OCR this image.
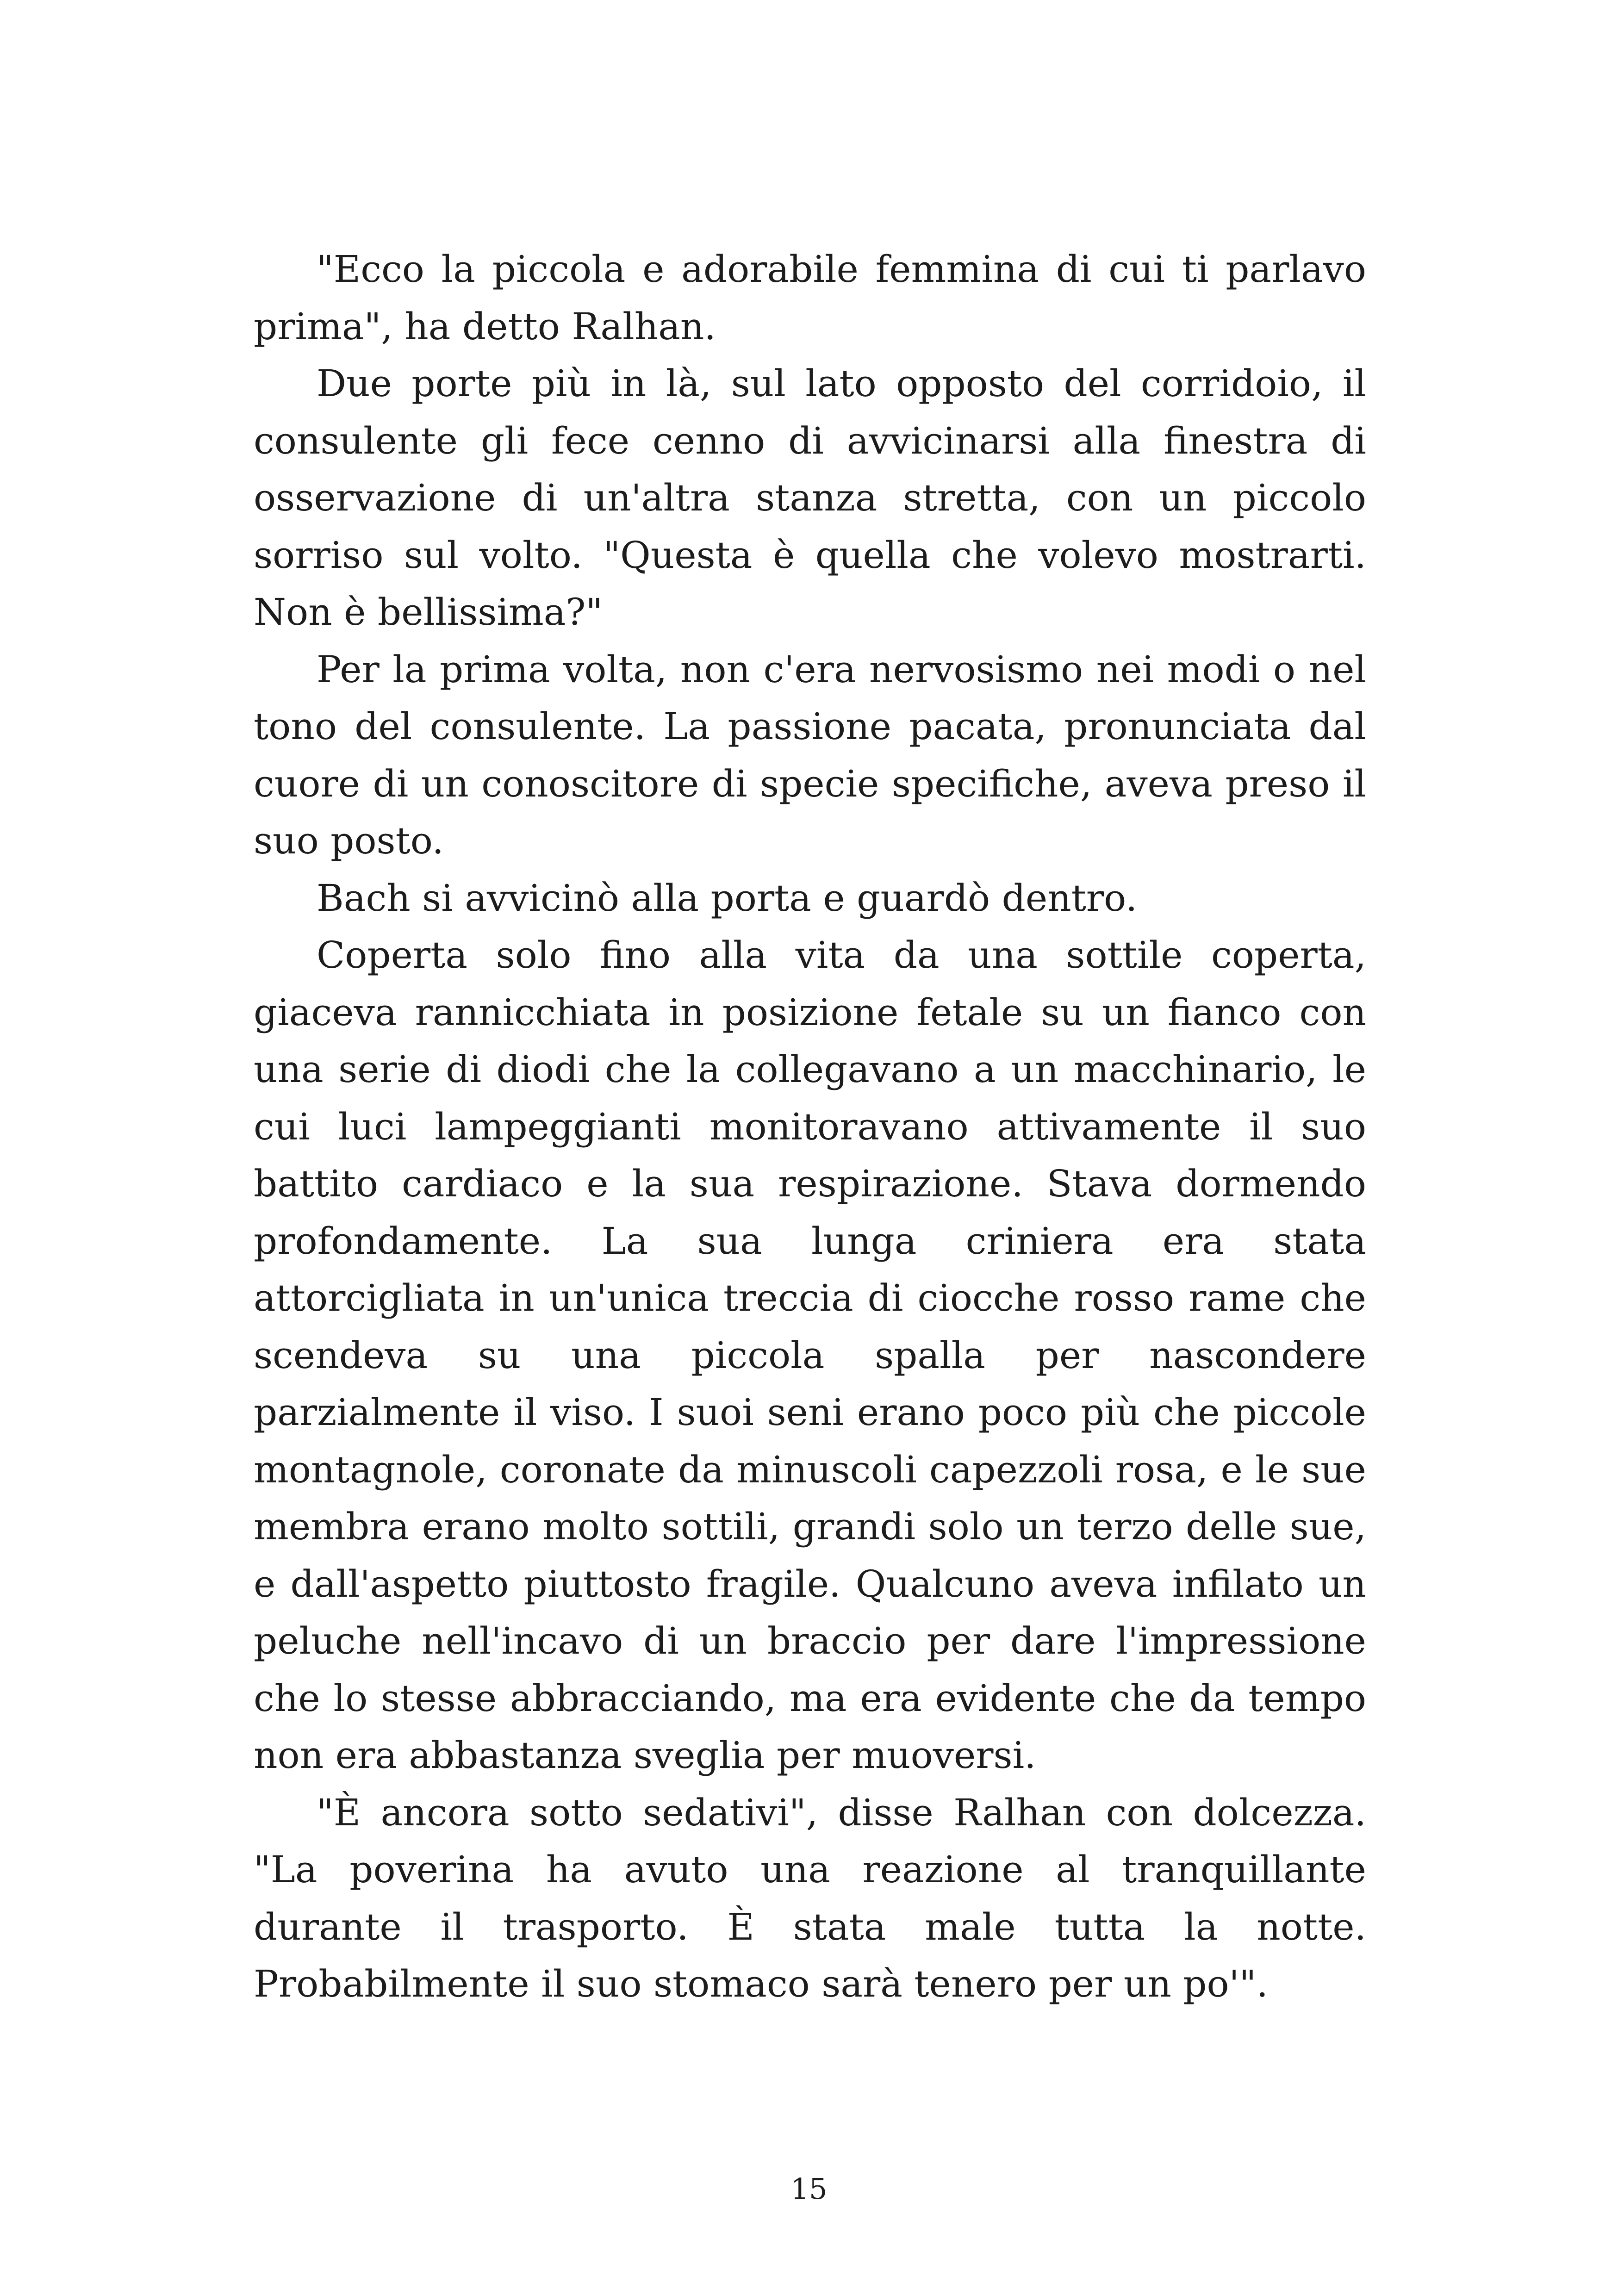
"Ecco la piccola e adorabile femmina di cui ti parlavo prima", ha detto Ralhan.

Due porte più in là, sul lato opposto del corridoio, il consulente gli fece cenno di avvicinarsi alla finestra di osservazione di un'altra stanza stretta, con un piccolo sorriso sul volto. "Questa è quella che volevo mostrarti. Non è bellissima?"

Per la prima volta, non c'era nervosismo nei modi o nel tono del consulente. La passione pacata, pronunciata dal cuore di un conoscitore di specie specifiche, aveva preso il suo posto.

Bach si avvicinò alla porta e guardò dentro.

Coperta solo fino alla vita da una sottile coperta, giaceva rannicchiata in posizione fetale su un fianco con una serie di diodi che la collegavano a un macchinario, le cui luci lampeggianti monitoravano attivamente il suo battito cardiaco e la sua respirazione. Stava dormendo profondamente. La sua lunga criniera era stata attorcigliata in un'unica treccia di ciocche rosso rame che scendeva su una piccola spalla per nascondere parzialmente il viso. I suoi seni erano poco più che piccole montagnole, coronate da minuscoli capezzoli rosa, e le sue membra erano molto sottili, grandi solo un terzo delle sue, e dall'aspetto piuttosto fragile. Qualcuno aveva infilato un peluche nell'incavo di un braccio per dare l'impressione che lo stesse abbracciando, ma era evidente che da tempo non era abbastanza sveglia per muoversi.

"È ancora sotto sedativi", disse Ralhan con dolcezza. "La poverina ha avuto una reazione al tranquillante durante il trasporto. È stata male tutta la notte. Probabilmente il suo stomaco sarà tenero per un po'".

15
